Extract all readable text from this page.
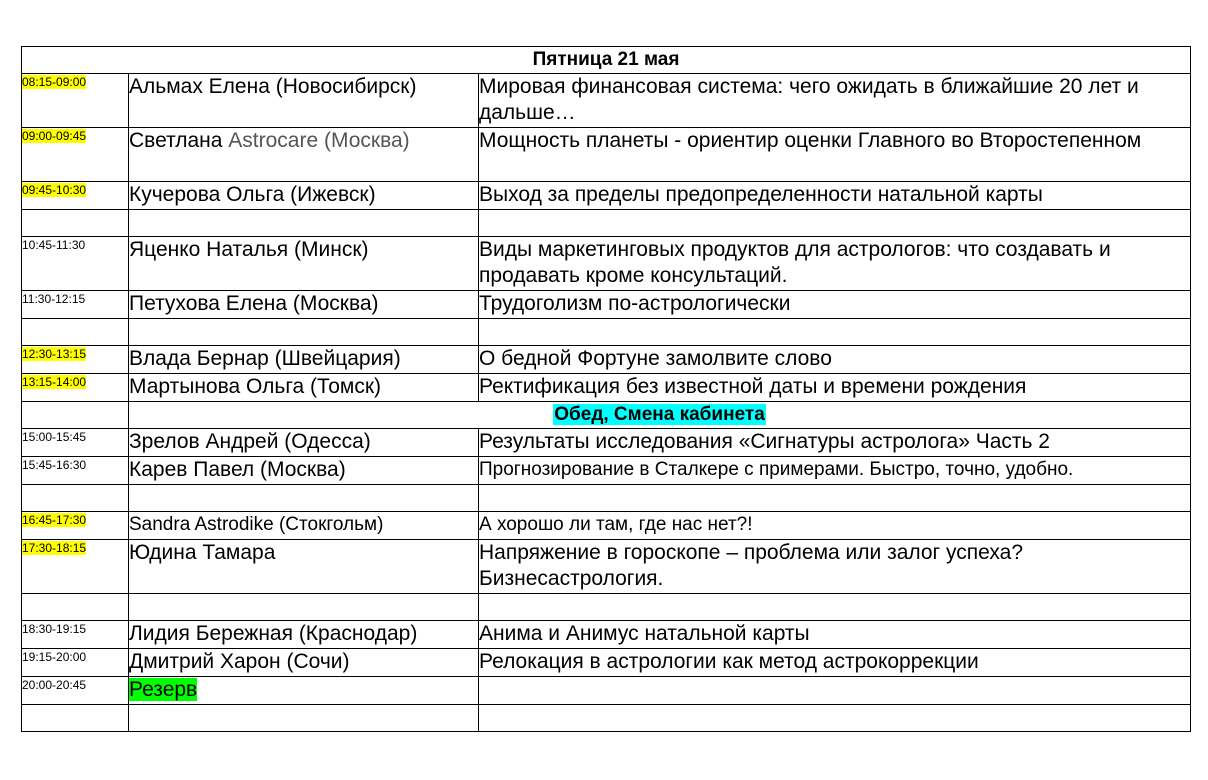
Пятница 21 мая		
08:15-09:00	Альмах Елена (Новосибирск)	Мировая финансовая система: чего ожидать в ближайшие 20 лет и дальше…
09:00-09:45	Светлана Astrocare (Москва)	Мощность планеты - ориентир оценки Главного во Второстепенном
09:45-10:30	Кучерова Ольга (Ижевск)	Выход за пределы предопределенности натальной карты

10:45-11:30	Яценко Наталья (Минск)	Виды маркетинговых продуктов для астрологов: что создавать и продавать кроме консультаций.
11:30-12:15	Петухова Елена (Москва)	Трудоголизм по-астрологически

12:30-13:15	Влада Бернар (Швейцария)	О бедной Фортуне замолвите слово
13:15-14:00	Мартынова Ольга (Томск)	Ректификация без известной даты и времени рождения
	Обед, Смена кабинета	
15:00-15:45	Зрелов Андрей (Одесса)	Результаты исследования «Сигнатуры астролога» Часть 2
15:45-16:30	Карев Павел (Москва)	Прогнозирование в Сталкере с примерами. Быстро, точно, удобно.

16:45-17:30	Sandra Astrodike (Стокгольм)	А хорошо ли там, где нас нет?!
17:30-18:15	Юдина Тамара	Напряжение в гороскопе – проблема или залог успеха? Бизнесастрология.

18:30-19:15	Лидия Бережная (Краснодар)	Анима и Анимус натальной карты
19:15-20:00	Дмитрий Харон (Сочи)	Релокация в астрологии как метод астрокоррекции
20:00-20:45	Резерв	
